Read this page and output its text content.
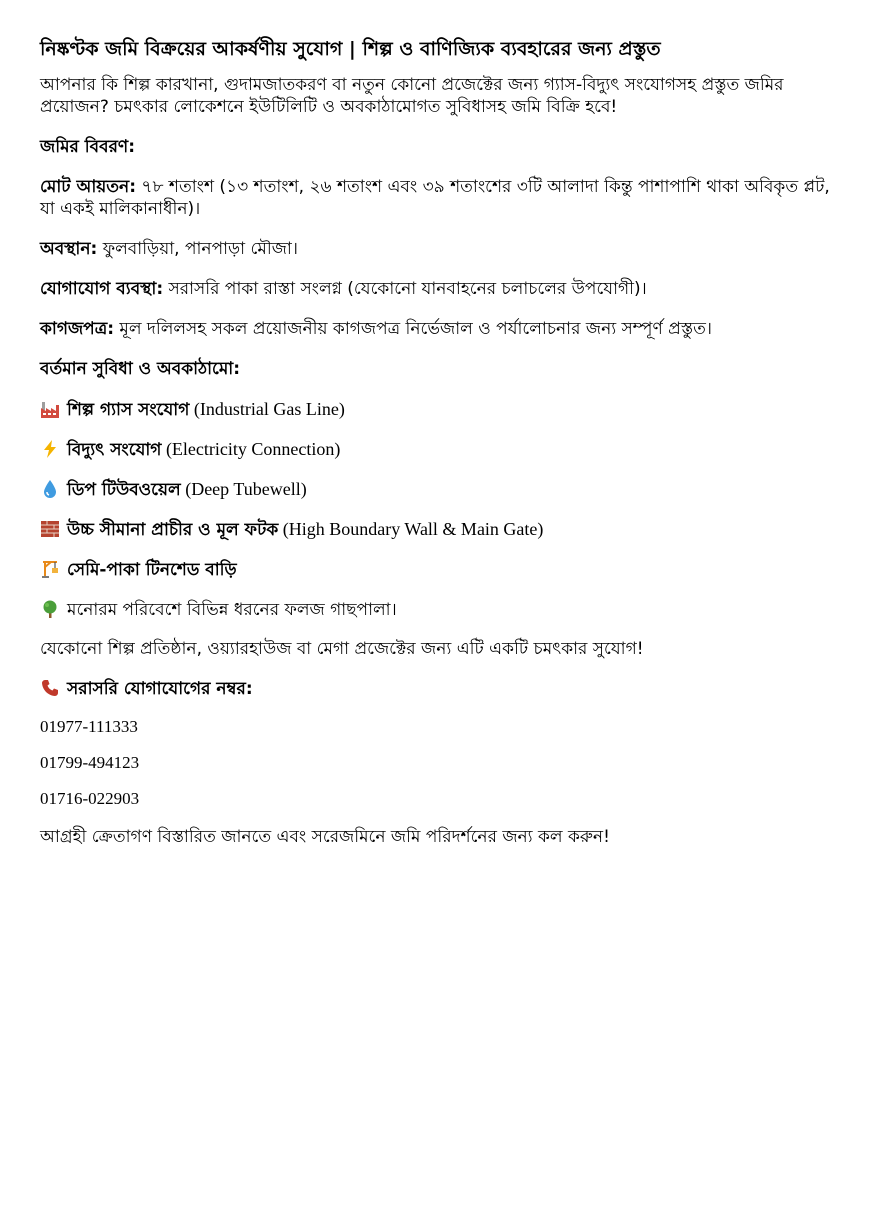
নিষ্কণ্টক জমি বিক্রয়ের আকর্ষণীয় সুযোগ | শিল্প ও বাণিজ্যিক ব্যবহারের জন্য প্রস্তুত

আপনার কি শিল্প কারখানা, গুদামজাতকরণ বা নতুন কোনো প্রজেক্টের জন্য গ্যাস-বিদ্যুৎ সংযোগসহ প্রস্তুত জমির প্রয়োজন? চমৎকার লোকেশনে ইউটিলিটি ও অবকাঠামোগত সুবিধাসহ জমি বিক্রি হবে!

জমির বিবরণ:

মোট আয়তন: ৭৮ শতাংশ (১৩ শতাংশ, ২৬ শতাংশ এবং ৩৯ শতাংশের ৩টি আলাদা কিন্তু পাশাপাশি থাকা অবিকৃত প্লট, যা একই মালিকানাধীন)।

অবস্থান: ফুলবাড়িয়া, পানপাড়া মৌজা।

যোগাযোগ ব্যবস্থা: সরাসরি পাকা রাস্তা সংলগ্ন (যেকোনো যানবাহনের চলাচলের উপযোগী)।

কাগজপত্র: মূল দলিলসহ সকল প্রয়োজনীয় কাগজপত্র নির্ভেজাল ও পর্যালোচনার জন্য সম্পূর্ণ প্রস্তুত।

বর্তমান সুবিধা ও অবকাঠামো:

শিল্প গ্যাস সংযোগ (Industrial Gas Line)
বিদ্যুৎ সংযোগ (Electricity Connection)
ডিপ টিউবওয়েল (Deep Tubewell)
উচ্চ সীমানা প্রাচীর ও মূল ফটক (High Boundary Wall & Main Gate)
সেমি-পাকা টিনশেড বাড়ি
মনোরম পরিবেশে বিভিন্ন ধরনের ফলজ গাছপালা।

যেকোনো শিল্প প্রতিষ্ঠান, ওয়্যারহাউজ বা মেগা প্রজেক্টের জন্য এটি একটি চমৎকার সুযোগ!

সরাসরি যোগাযোগের নম্বর:

01977-111333

01799-494123

01716-022903

আগ্রহী ক্রেতাগণ বিস্তারিত জানতে এবং সরেজমিনে জমি পরিদর্শনের জন্য কল করুন!
